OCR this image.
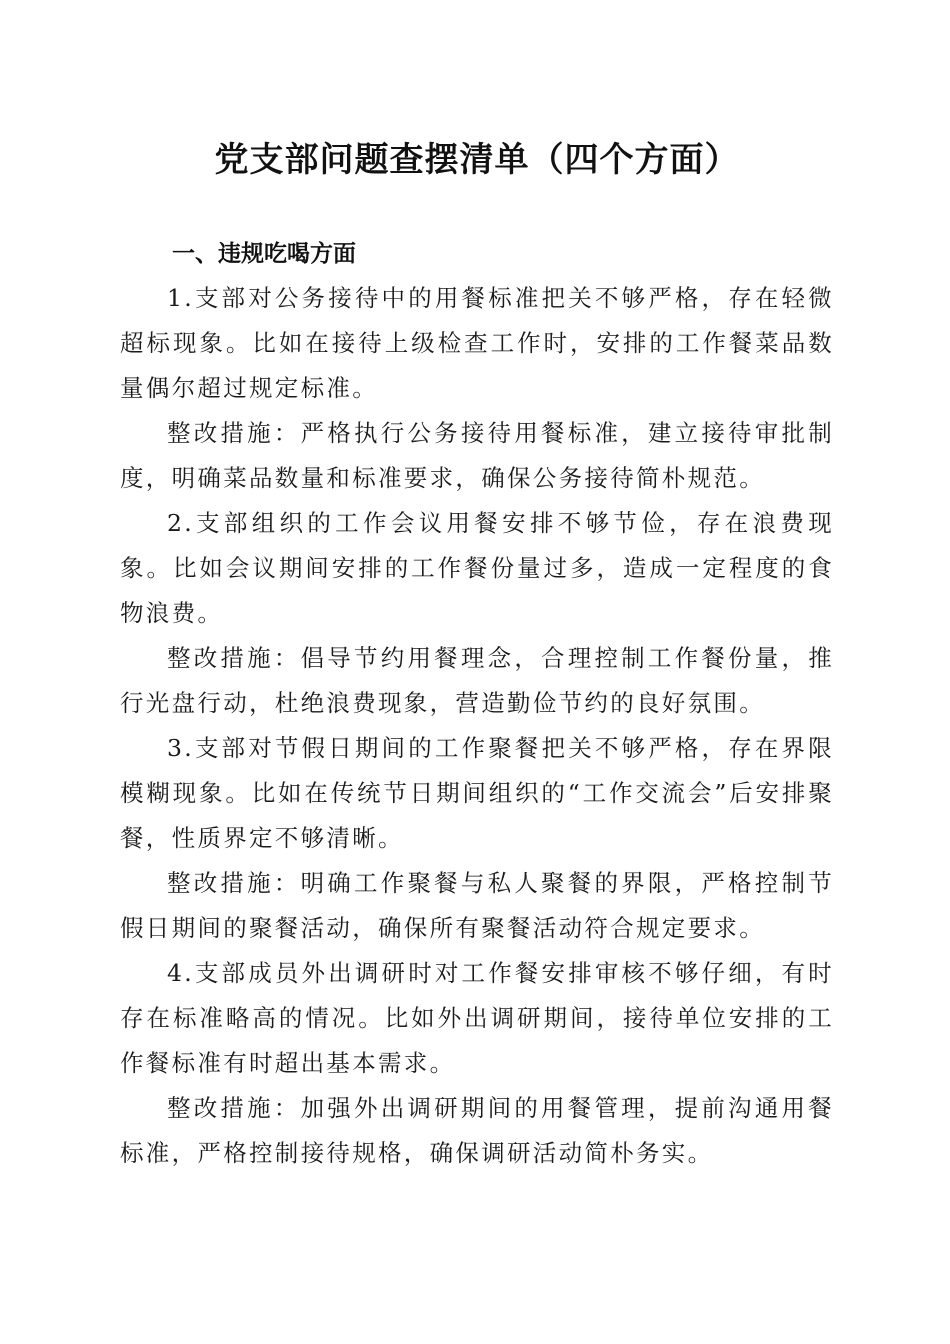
党支部问题查摆清单（四个方面）
一、违规吃喝方面

1.支部对公务接待中的用餐标准把关不够严格，存在轻微超标现象。比如在接待上级检查工作时，安排的工作餐菜品数量偶尔超过规定标准。

整改措施：严格执行公务接待用餐标准，建立接待审批制度，明确菜品数量和标准要求，确保公务接待简朴规范。

2.支部组织的工作会议用餐安排不够节俭，存在浪费现象。比如会议期间安排的工作餐份量过多，造成一定程度的食物浪费。

整改措施：倡导节约用餐理念，合理控制工作餐份量，推行光盘行动，杜绝浪费现象，营造勤俭节约的良好氛围。

3.支部对节假日期间的工作聚餐把关不够严格，存在界限模糊现象。比如在传统节日期间组织的“工作交流会”后安排聚餐，性质界定不够清晰。

整改措施：明确工作聚餐与私人聚餐的界限，严格控制节假日期间的聚餐活动，确保所有聚餐活动符合规定要求。

4.支部成员外出调研时对工作餐安排审核不够仔细，有时存在标准略高的情况。比如外出调研期间，接待单位安排的工作餐标准有时超出基本需求。

整改措施：加强外出调研期间的用餐管理，提前沟通用餐标准，严格控制接待规格，确保调研活动简朴务实。
